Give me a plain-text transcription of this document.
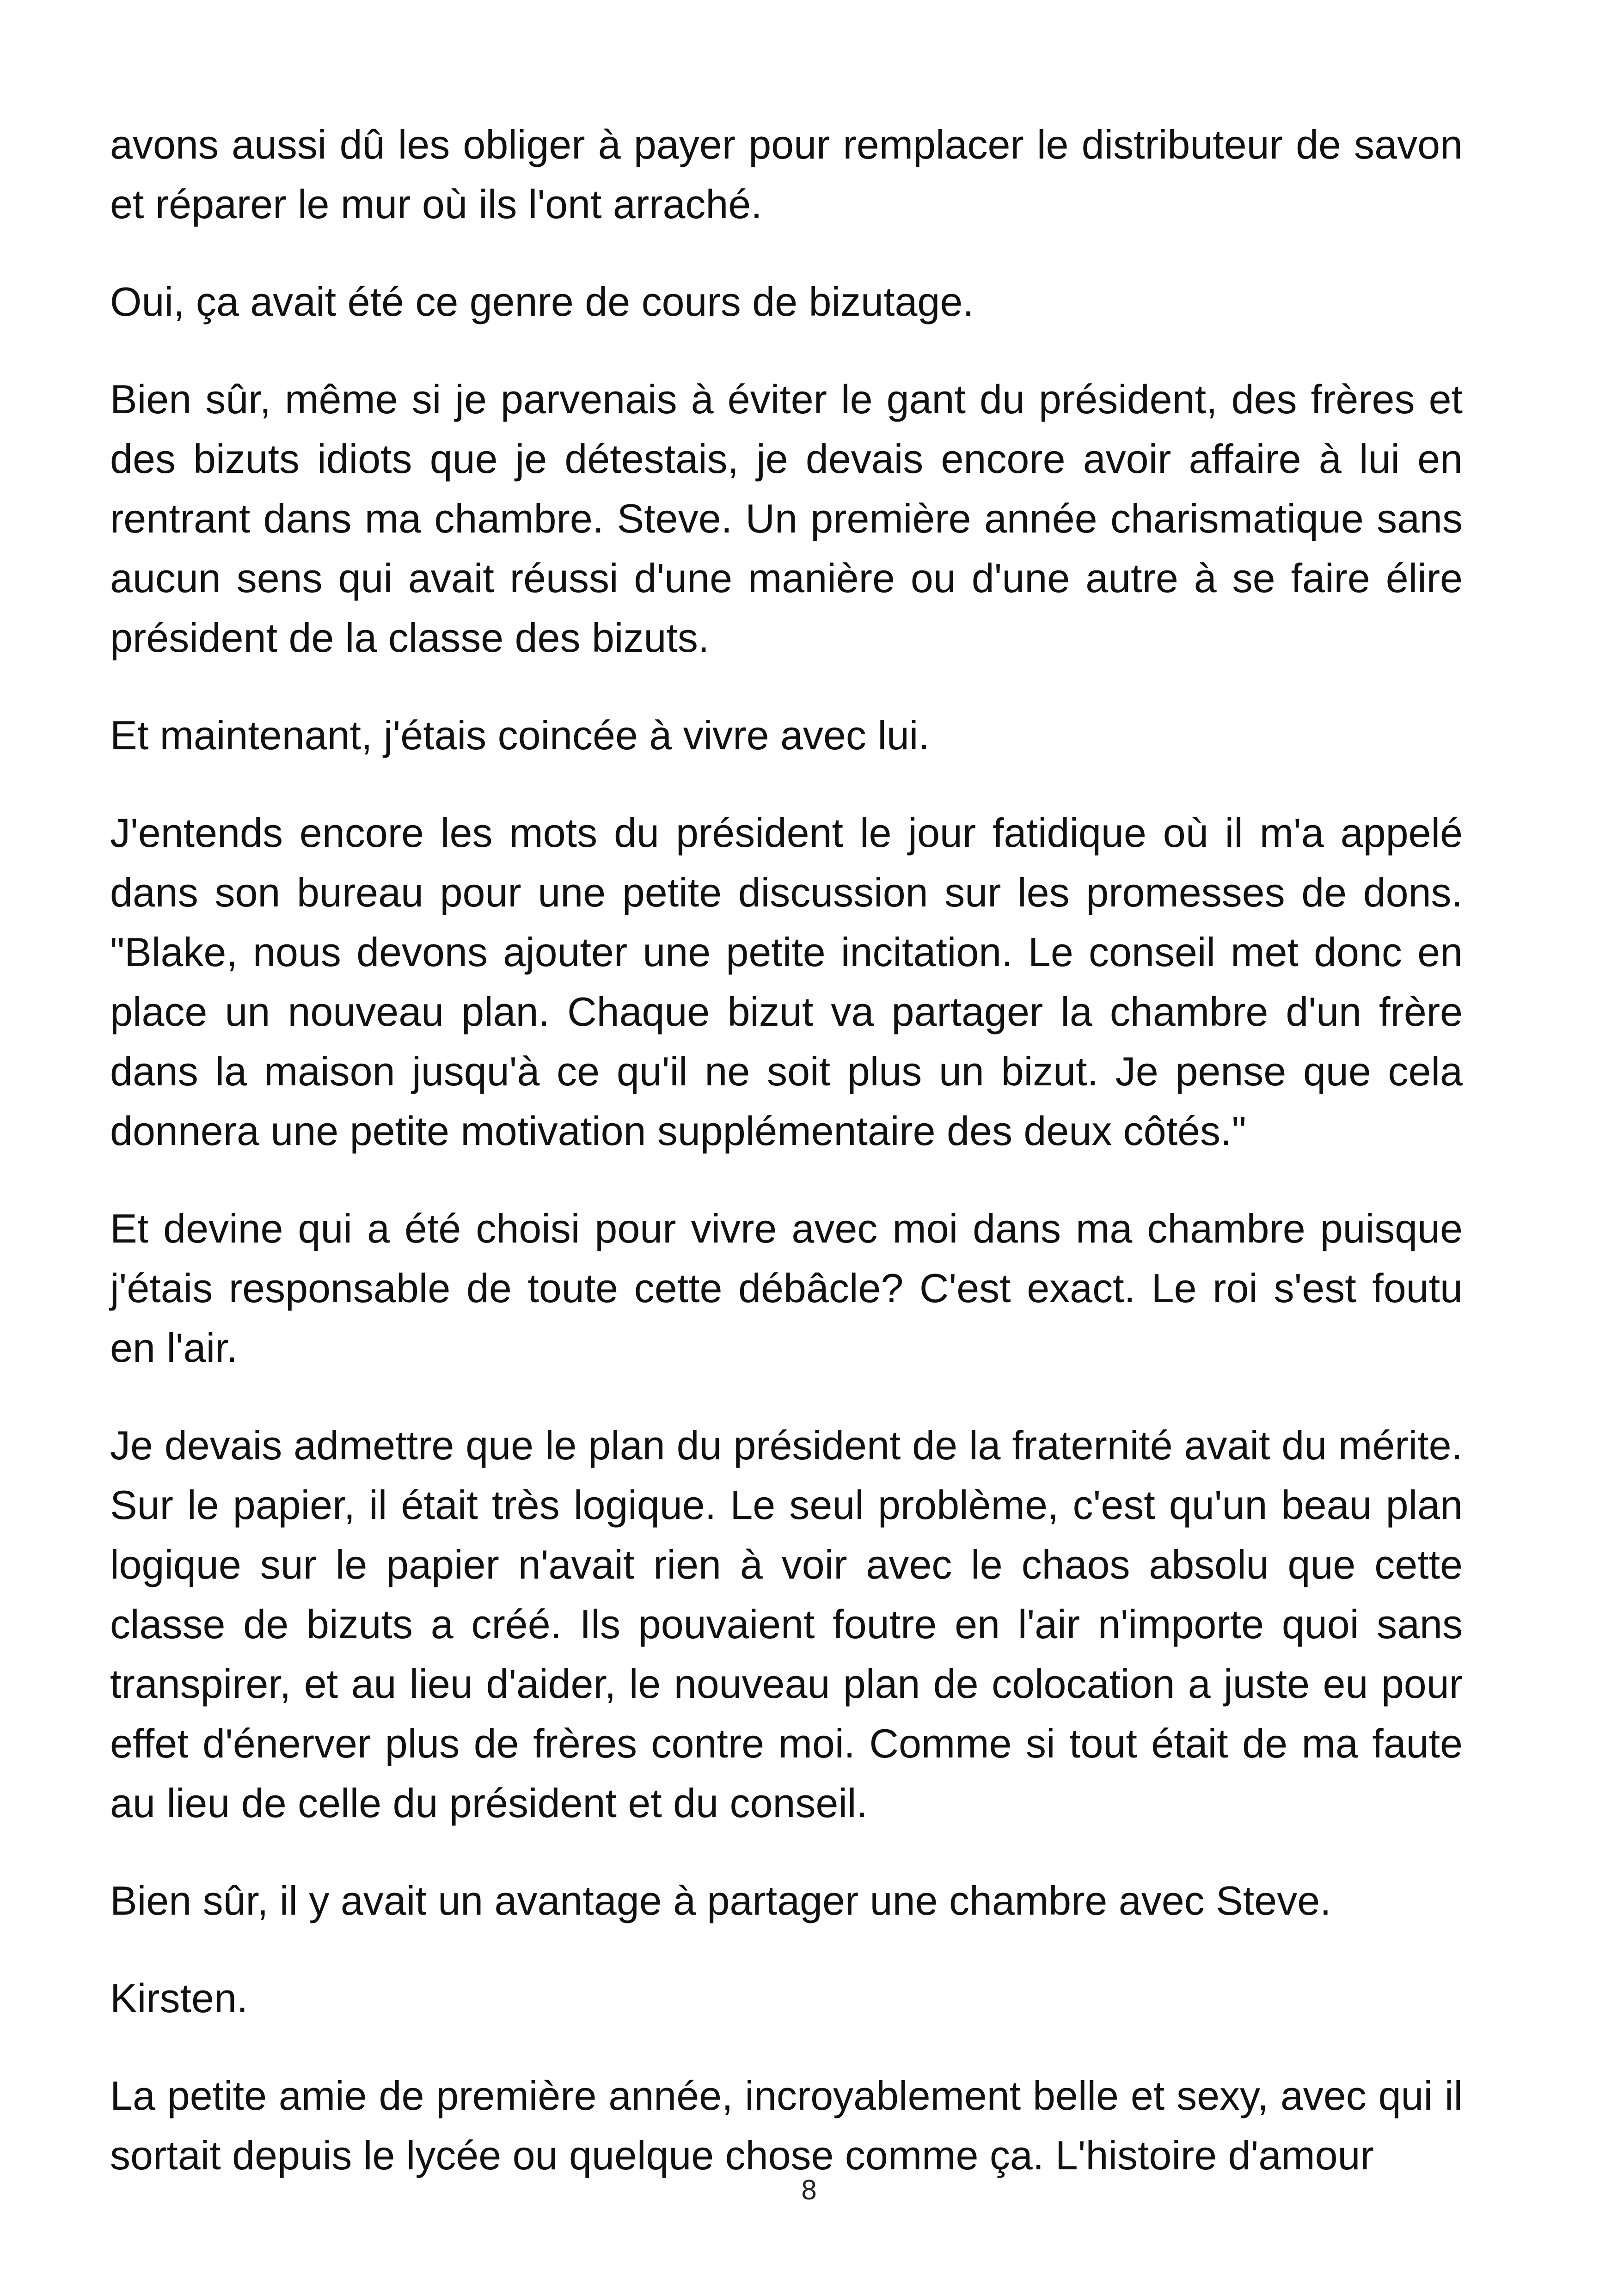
avons aussi dû les obliger à payer pour remplacer le distributeur de savon et réparer le mur où ils l'ont arraché.

Oui, ça avait été ce genre de cours de bizutage.

Bien sûr, même si je parvenais à éviter le gant du président, des frères et des bizuts idiots que je détestais, je devais encore avoir affaire à lui en rentrant dans ma chambre. Steve. Un première année charismatique sans aucun sens qui avait réussi d'une manière ou d'une autre à se faire élire président de la classe des bizuts.

Et maintenant, j'étais coincée à vivre avec lui.

J'entends encore les mots du président le jour fatidique où il m'a appelé dans son bureau pour une petite discussion sur les promesses de dons. "Blake, nous devons ajouter une petite incitation. Le conseil met donc en place un nouveau plan. Chaque bizut va partager la chambre d'un frère dans la maison jusqu'à ce qu'il ne soit plus un bizut. Je pense que cela donnera une petite motivation supplémentaire des deux côtés."

Et devine qui a été choisi pour vivre avec moi dans ma chambre puisque j'étais responsable de toute cette débâcle? C'est exact. Le roi s'est foutu en l'air.

Je devais admettre que le plan du président de la fraternité avait du mérite. Sur le papier, il était très logique. Le seul problème, c'est qu'un beau plan logique sur le papier n'avait rien à voir avec le chaos absolu que cette classe de bizuts a créé. Ils pouvaient foutre en l'air n'importe quoi sans transpirer, et au lieu d'aider, le nouveau plan de colocation a juste eu pour effet d'énerver plus de frères contre moi. Comme si tout était de ma faute au lieu de celle du président et du conseil.

Bien sûr, il y avait un avantage à partager une chambre avec Steve.

Kirsten.

La petite amie de première année, incroyablement belle et sexy, avec qui il sortait depuis le lycée ou quelque chose comme ça. L'histoire d'amour

8
